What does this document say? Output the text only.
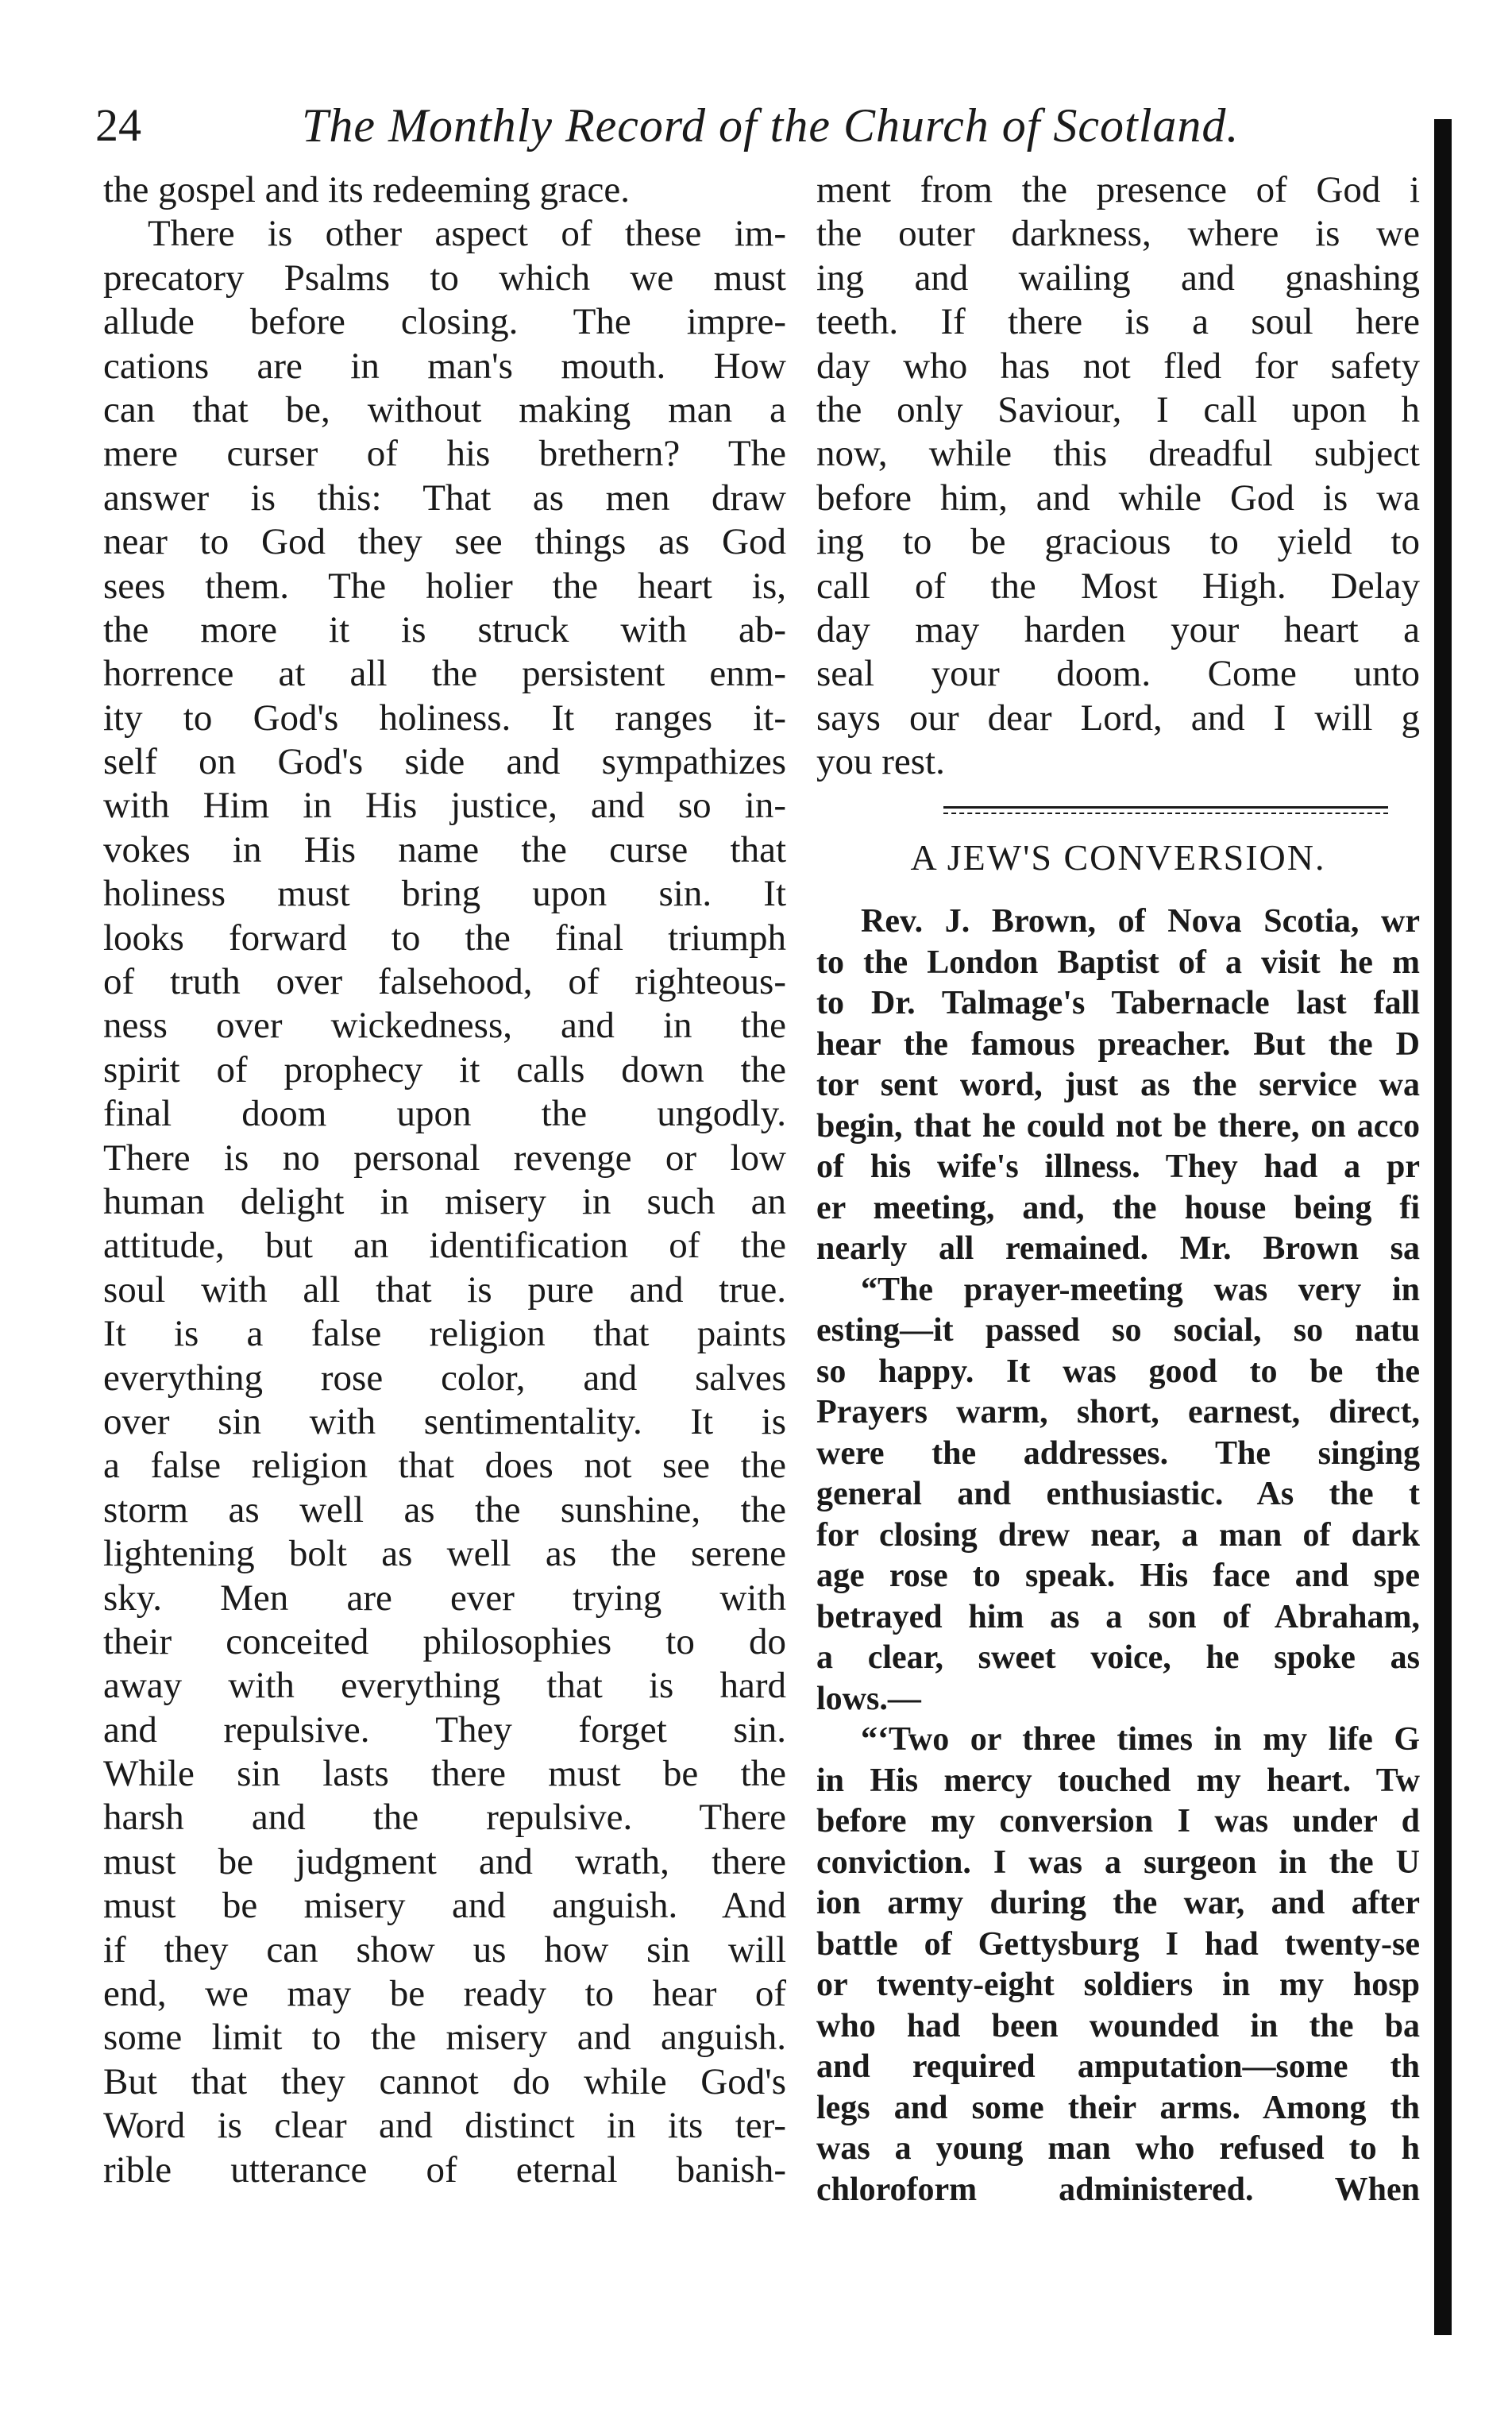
24	The Monthly Record of the Church of Scotland.
the gospel and its redeeming grace.
There is other aspect of these im-
precatory Psalms to which we must
allude before closing. The impre-
cations are in man's mouth. How
can that be, without making man a
mere curser of his brethern? The
answer is this: That as men draw
near to God they see things as God
sees them. The holier the heart is,
the more it is struck with ab-
horrence at all the persistent enm-
ity to God's holiness. It ranges it-
self on God's side and sympathizes
with Him in His justice, and so in-
vokes in His name the curse that
holiness must bring upon sin. It
looks forward to the final triumph
of truth over falsehood, of righteous-
ness over wickedness, and in the
spirit of prophecy it calls down the
final doom upon the ungodly.
There is no personal revenge or low
human delight in misery in such an
attitude, but an identification of the
soul with all that is pure and true.
It is a false religion that paints
everything rose color, and salves
over sin with sentimentality. It is
a false religion that does not see the
storm as well as the sunshine, the
lightening bolt as well as the serene
sky. Men are ever trying with
their conceited philosophies to do
away with everything that is hard
and repulsive. They forget sin.
While sin lasts there must be the
harsh and the repulsive. There
must be judgment and wrath, there
must be misery and anguish. And
if they can show us how sin will
end, we may be ready to hear of
some limit to the misery and anguish.
But that they cannot do while God's
Word is clear and distinct in its ter-
rible utterance of eternal banish-
ment from the presence of God i
the outer darkness, where is we
ing and wailing and gnashing
teeth. If there is a soul here
day who has not fled for safety
the only Saviour, I call upon h
now, while this dreadful subject
before him, and while God is wa
ing to be gracious to yield to
call of the Most High. Delay
day may harden your heart a
seal your doom. Come unto
says our dear Lord, and I will g
you rest.
A JEW'S CONVERSION.
Rev. J. Brown, of Nova Scotia, wr
to the London Baptist of a visit he m
to Dr. Talmage's Tabernacle last fall
hear the famous preacher. But the D
tor sent word, just as the service wa
begin, that he could not be there, on acco
of his wife's illness. They had a pr
er meeting, and, the house being fi
nearly all remained. Mr. Brown sa
“The prayer-meeting was very in
esting—it passed so social, so natu
so happy. It was good to be the
Prayers warm, short, earnest, direct,
were the addresses. The singing
general and enthusiastic. As the t
for closing drew near, a man of dark
age rose to speak. His face and spe
betrayed him as a son of Abraham,
a clear, sweet voice, he spoke as
lows.—
“‘Two or three times in my life G
in His mercy touched my heart. Tw
before my conversion I was under d
conviction. I was a surgeon in the U
ion army during the war, and after
battle of Gettysburg I had twenty-se
or twenty-eight soldiers in my hosp
who had been wounded in the ba
and required amputation—some th
legs and some their arms. Among th
was a young man who refused to h
chloroform administered. When
